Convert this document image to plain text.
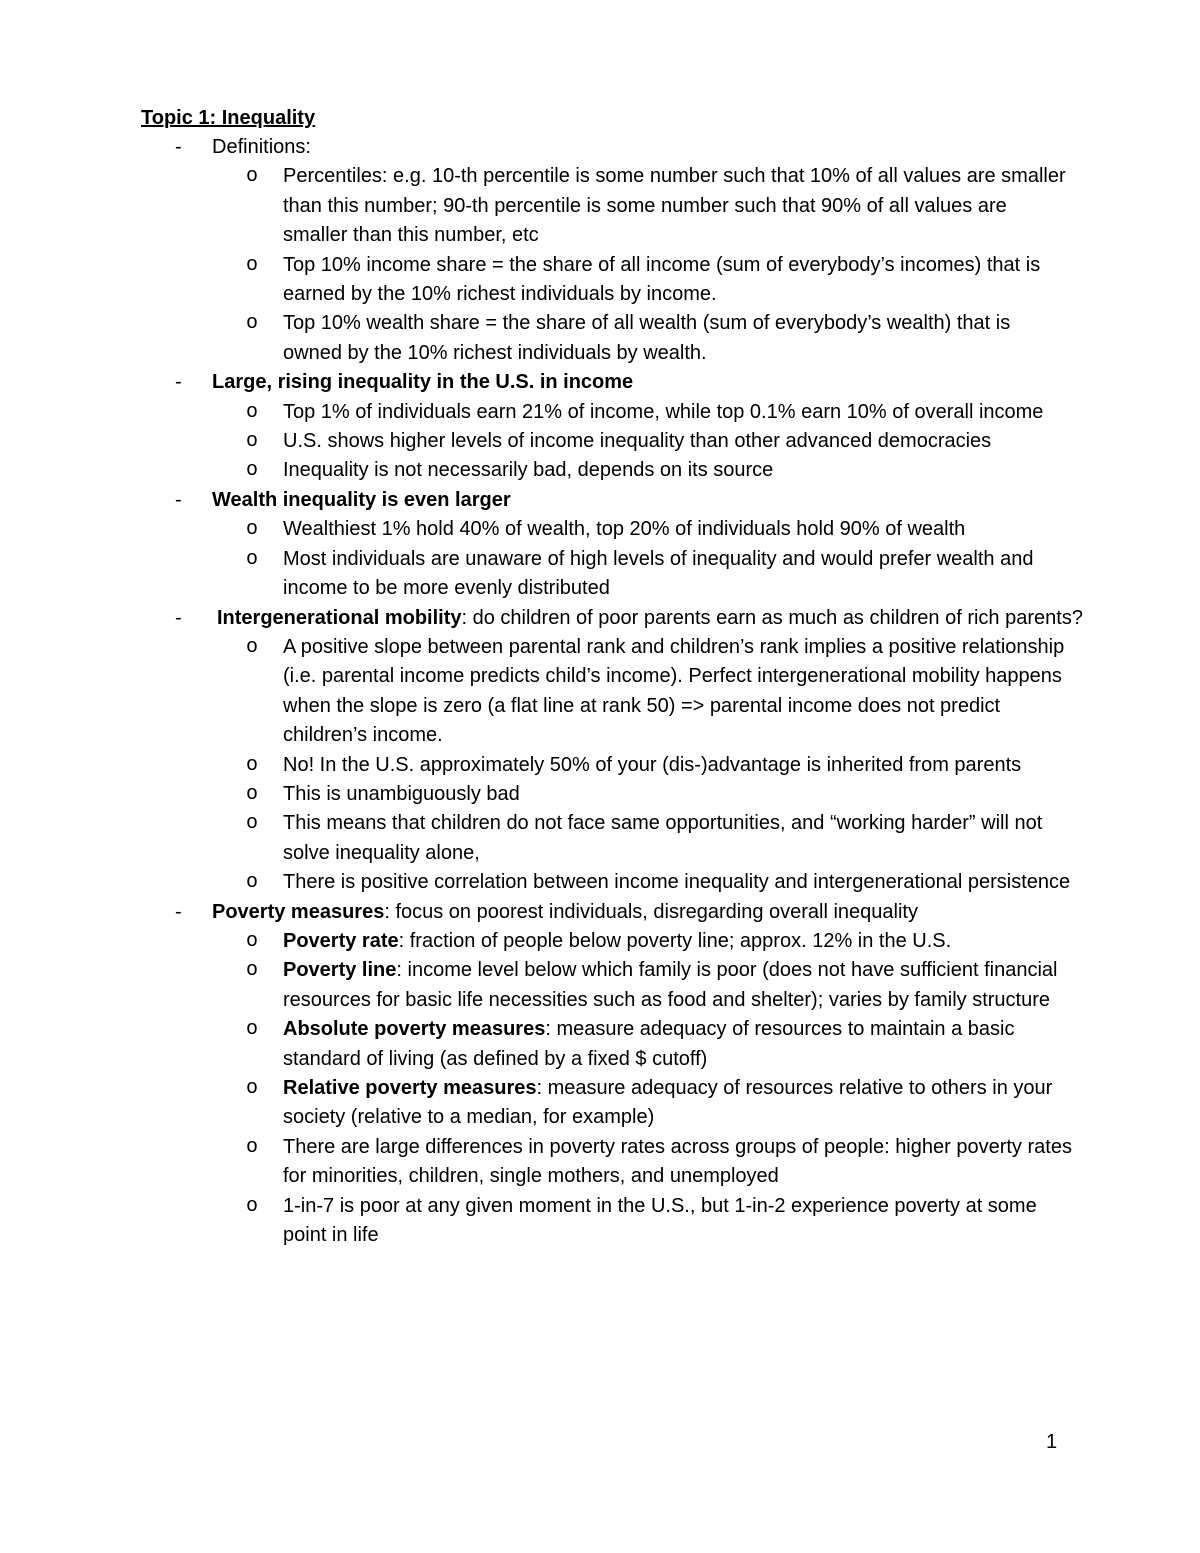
Topic 1: Inequality
- Definitions:
o Percentiles: e.g. 10-th percentile is some number such that 10% of all values are smaller than this number; 90-th percentile is some number such that 90% of all values are smaller than this number, etc
o Top 10% income share = the share of all income (sum of everybody’s incomes) that is earned by the 10% richest individuals by income.
o Top 10% wealth share = the share of all wealth (sum of everybody’s wealth) that is owned by the 10% richest individuals by wealth.
- Large, rising inequality in the U.S. in income
o Top 1% of individuals earn 21% of income, while top 0.1% earn 10% of overall income
o U.S. shows higher levels of income inequality than other advanced democracies
o Inequality is not necessarily bad, depends on its source
- Wealth inequality is even larger
o Wealthiest 1% hold 40% of wealth, top 20% of individuals hold 90% of wealth
o Most individuals are unaware of high levels of inequality and would prefer wealth and income to be more evenly distributed
- Intergenerational mobility: do children of poor parents earn as much as children of rich parents?
o A positive slope between parental rank and children’s rank implies a positive relationship (i.e. parental income predicts child’s income). Perfect intergenerational mobility happens when the slope is zero (a flat line at rank 50) => parental income does not predict children’s income.
o No! In the U.S. approximately 50% of your (dis-)advantage is inherited from parents
o This is unambiguously bad
o This means that children do not face same opportunities, and “working harder” will not solve inequality alone,
o There is positive correlation between income inequality and intergenerational persistence
- Poverty measures: focus on poorest individuals, disregarding overall inequality
o Poverty rate: fraction of people below poverty line; approx. 12% in the U.S.
o Poverty line: income level below which family is poor (does not have sufficient financial resources for basic life necessities such as food and shelter); varies by family structure
o Absolute poverty measures: measure adequacy of resources to maintain a basic standard of living (as defined by a fixed $ cutoff)
o Relative poverty measures: measure adequacy of resources relative to others in your society (relative to a median, for example)
o There are large differences in poverty rates across groups of people: higher poverty rates for minorities, children, single mothers, and unemployed
o 1-in-7 is poor at any given moment in the U.S., but 1-in-2 experience poverty at some point in life
1
